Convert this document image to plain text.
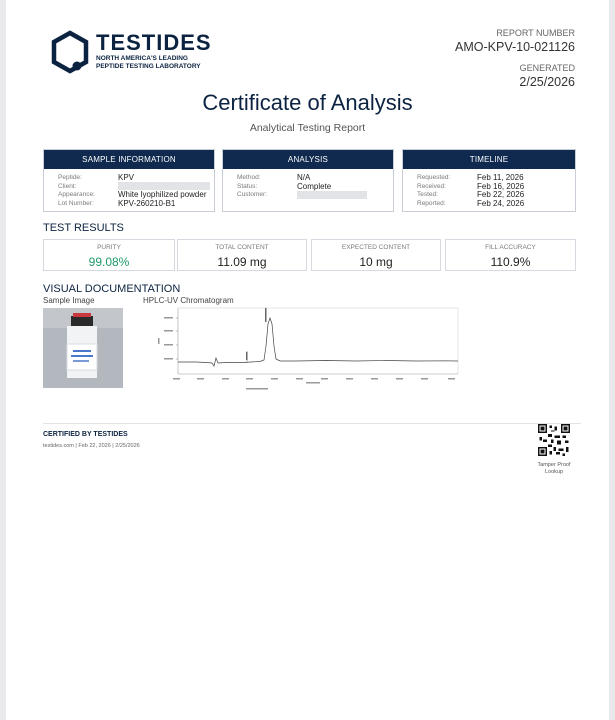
TESTIDES
NORTH AMERICA'S LEADING
PEPTIDE TESTING LABORATORY
REPORT NUMBER
AMO-KPV-10-021126
GENERATED
2/25/2026
Certificate of Analysis
Analytical Testing Report
SAMPLE INFORMATION
Peptide:	KPV
Client:
Appearance:	White lyophilized powder
Lot Number:	KPV-260210-B1
ANALYSIS
Method:	N/A
Status:	Complete
Customer:
TIMELINE
Requested:	Feb 11, 2026
Received:	Feb 16, 2026
Tested:	Feb 22, 2026
Reported:	Feb 24, 2026
TEST RESULTS
PURITY
99.08%
TOTAL CONTENT
11.09 mg
EXPECTED CONTENT
10 mg
FILL ACCURACY
110.9%
VISUAL DOCUMENTATION
Sample Image	HPLC-UV Chromatogram
CERTIFIED BY TESTIDES
testides.com | Feb 22, 2026 | 2/25/2026
Tamper Proof
Lookup
